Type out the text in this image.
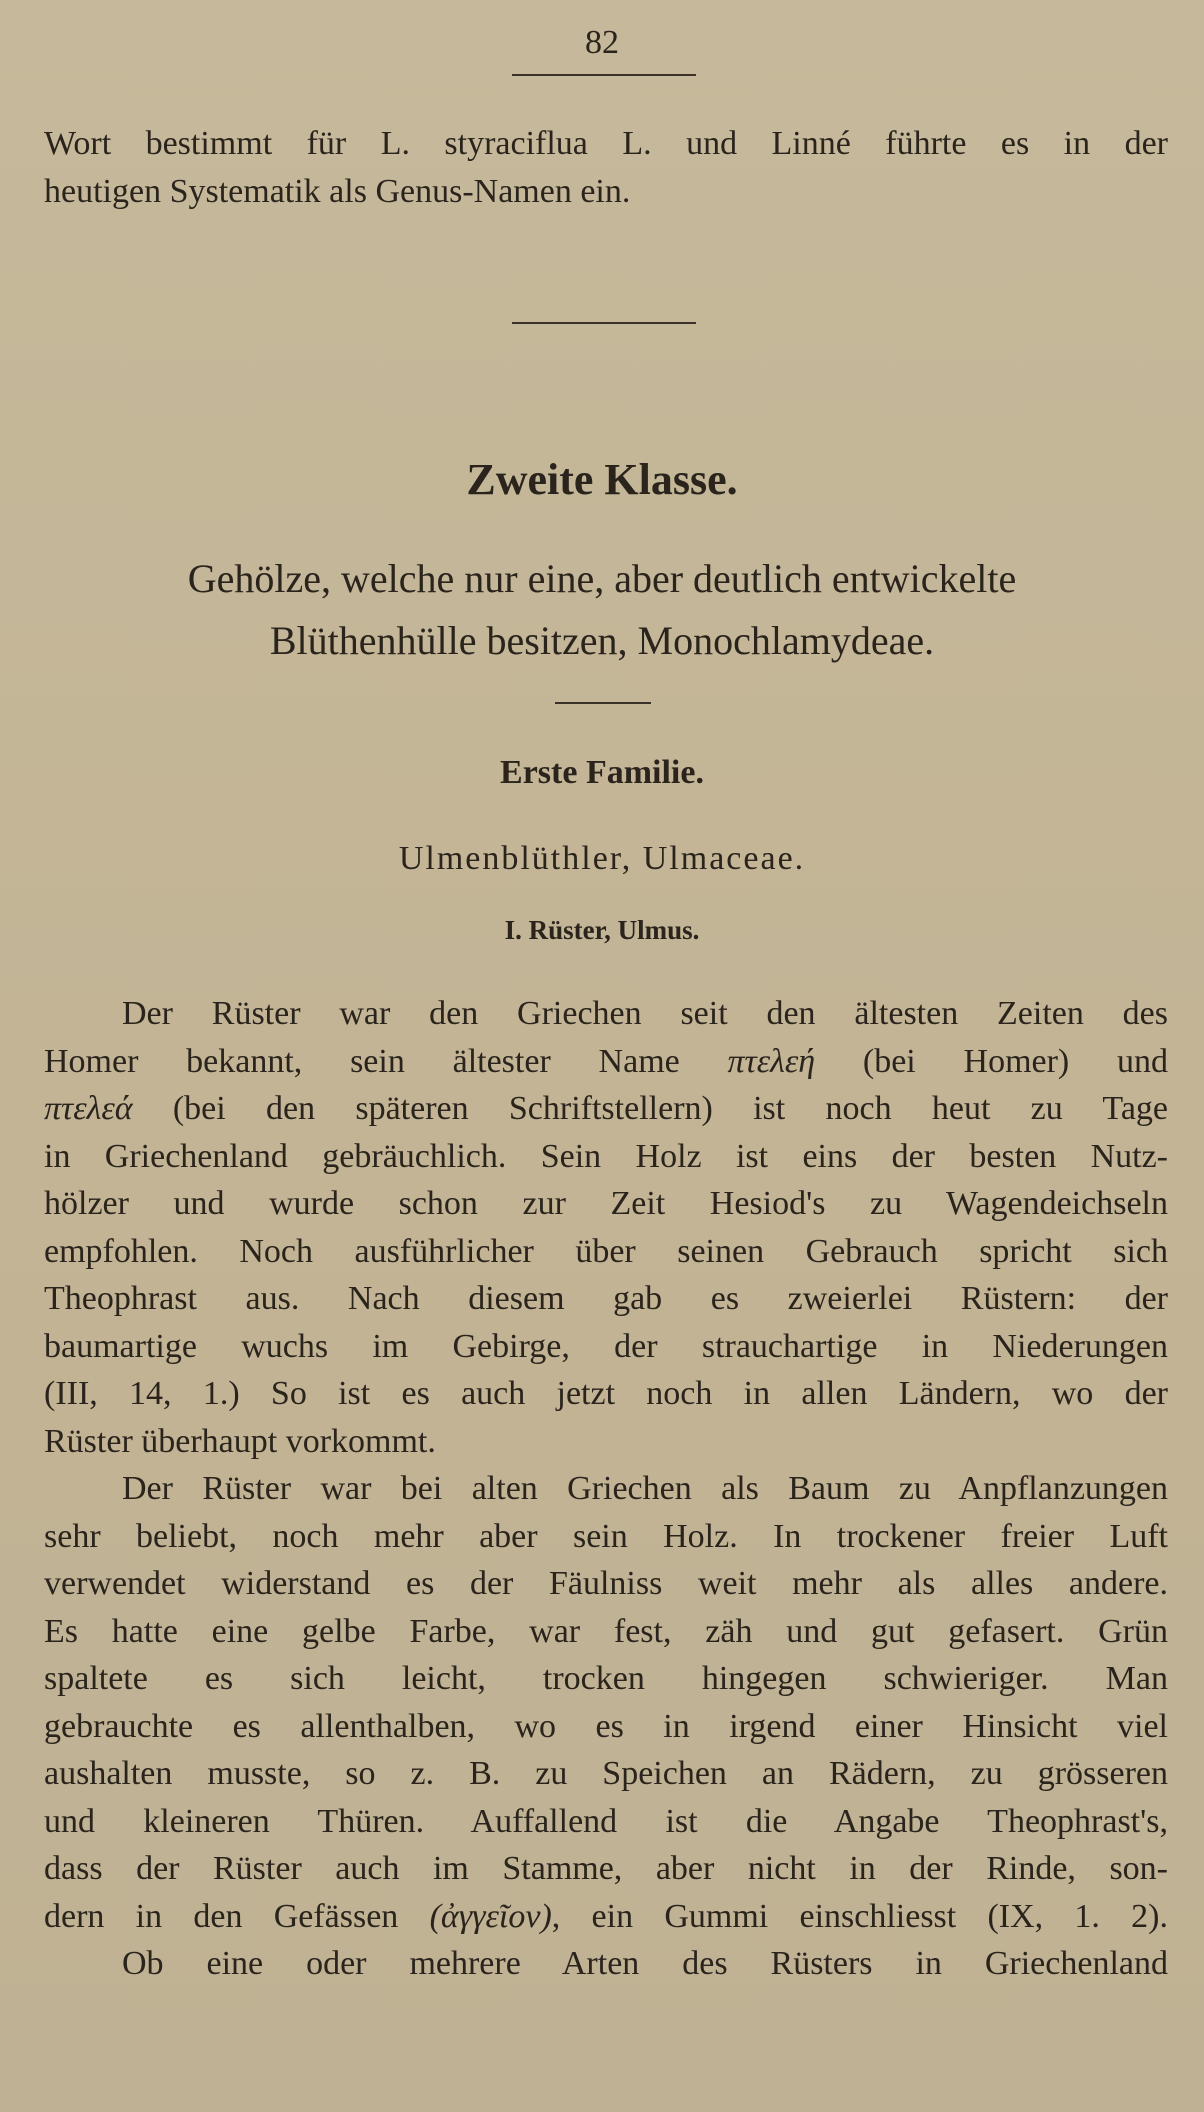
82
Wort bestimmt für L. styraciflua L. und Linné führte es in der
heutigen Systematik als Genus-Namen ein.
Zweite Klasse.
Gehölze, welche nur eine, aber deutlich entwickelte
Blüthenhülle besitzen, Monochlamydeae.
Erste Familie.
Ulmenblüthler, Ulmaceae.
I. Rüster, Ulmus.
Der Rüster war den Griechen seit den ältesten Zeiten des
Homer bekannt, sein ältester Name πτελεή (bei Homer) und
πτελεά (bei den späteren Schriftstellern) ist noch heut zu Tage
in Griechenland gebräuchlich. Sein Holz ist eins der besten Nutz-
hölzer und wurde schon zur Zeit Hesiod's zu Wagendeichseln
empfohlen. Noch ausführlicher über seinen Gebrauch spricht sich
Theophrast aus. Nach diesem gab es zweierlei Rüstern: der
baumartige wuchs im Gebirge, der strauchartige in Niederungen
(III, 14, 1.) So ist es auch jetzt noch in allen Ländern, wo der
Rüster überhaupt vorkommt.
Der Rüster war bei alten Griechen als Baum zu Anpflanzungen
sehr beliebt, noch mehr aber sein Holz. In trockener freier Luft
verwendet widerstand es der Fäulniss weit mehr als alles andere.
Es hatte eine gelbe Farbe, war fest, zäh und gut gefasert. Grün
spaltete es sich leicht, trocken hingegen schwieriger. Man
gebrauchte es allenthalben, wo es in irgend einer Hinsicht viel
aushalten musste, so z. B. zu Speichen an Rädern, zu grösseren
und kleineren Thüren. Auffallend ist die Angabe Theophrast's,
dass der Rüster auch im Stamme, aber nicht in der Rinde, son-
dern in den Gefässen (ἀγγεῖον), ein Gummi einschliesst (IX, 1. 2).
Ob eine oder mehrere Arten des Rüsters in Griechenland
